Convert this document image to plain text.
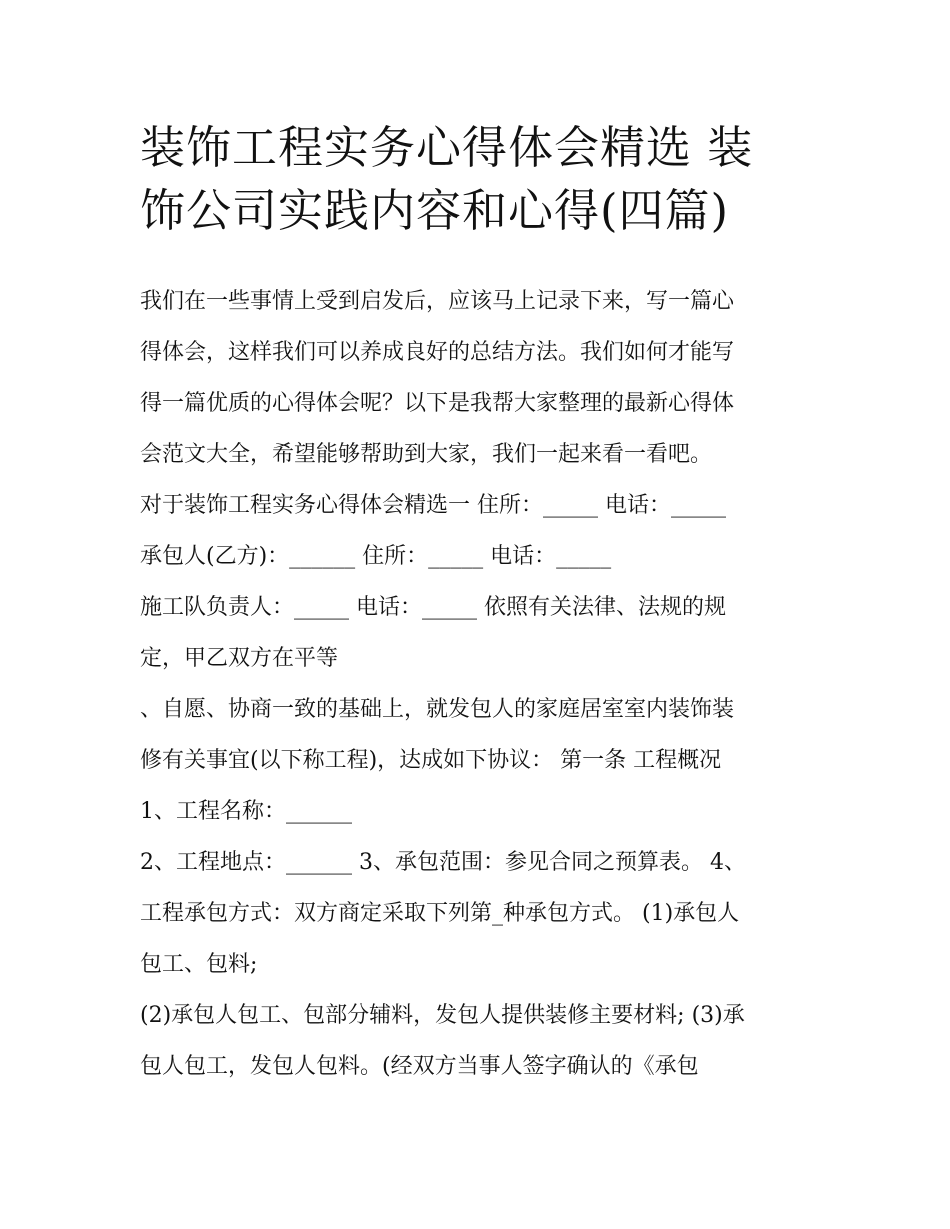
装饰工程实务心得体会精选 装
饰公司实践内容和心得(四篇)
我们在一些事情上受到启发后，应该马上记录下来，写一篇心
得体会，这样我们可以养成良好的总结方法。我们如何才能写
得一篇优质的心得体会呢？以下是我帮大家整理的最新心得体
会范文大全，希望能够帮助到大家，我们一起来看一看吧。
对于装饰工程实务心得体会精选一 住所：_____ 电话：_____
承包人(乙方)：______ 住所：_____ 电话：_____
施工队负责人：_____ 电话：_____ 依照有关法律、法规的规
定，甲乙双方在平等
、自愿、协商一致的基础上，就发包人的家庭居室室内装饰装
修有关事宜(以下称工程)，达成如下协议： 第一条 工程概况
1、工程名称：______
2、工程地点：______ 3、承包范围：参见合同之预算表。 4、
工程承包方式：双方商定采取下列第_种承包方式。 (1)承包人
包工、包料;
(2)承包人包工、包部分辅料，发包人提供装修主要材料; (3)承
包人包工，发包人包料。(经双方当事人签字确认的《承包
